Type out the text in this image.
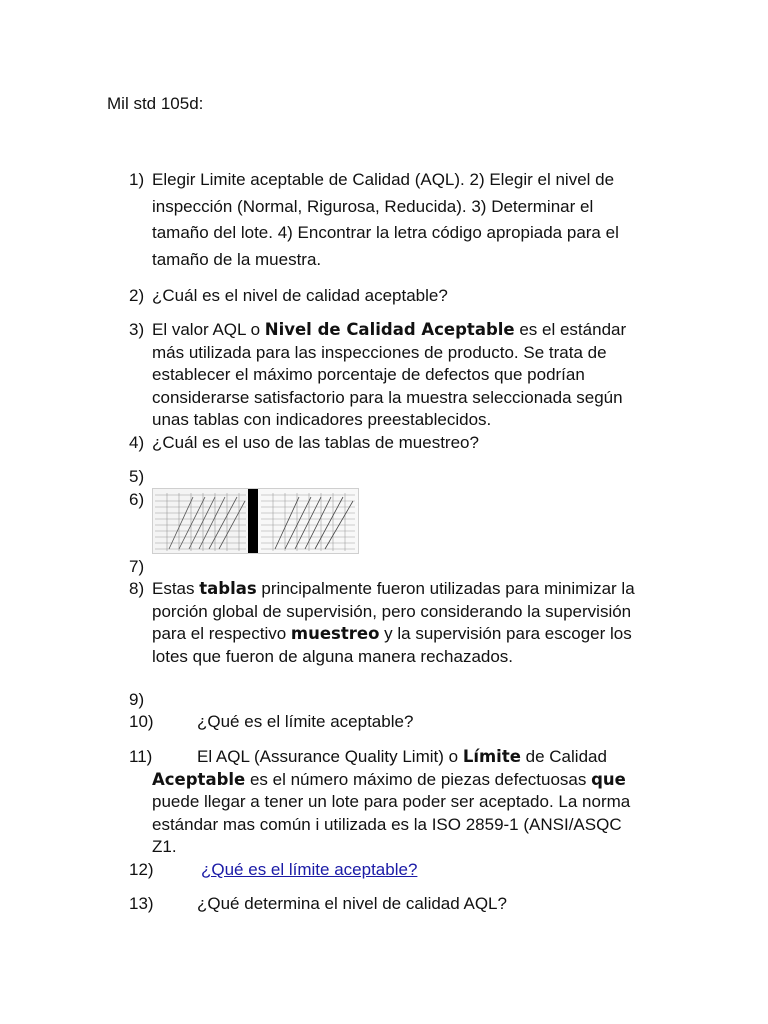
Mil std 105d:
1) Elegir Limite aceptable de Calidad (AQL). 2) Elegir el nivel de inspección (Normal, Rigurosa, Reducida). 3) Determinar el tamaño del lote. 4) Encontrar la letra código apropiada para el tamaño de la muestra.
2) ¿Cuál es el nivel de calidad aceptable?
3) El valor AQL o Nivel de Calidad Aceptable es el estándar más utilizada para las inspecciones de producto. Se trata de establecer el máximo porcentaje de defectos que podrían considerarse satisfactorio para la muestra seleccionada según unas tablas con indicadores preestablecidos.
4) ¿Cuál es el uso de las tablas de muestreo?
5)
6)
7)
8) Estas tablas principalmente fueron utilizadas para minimizar la porción global de supervisión, pero considerando la supervisión para el respectivo muestreo y la supervisión para escoger los lotes que fueron de alguna manera rechazados.
9)
10)	¿Qué es el límite aceptable?
11)	El AQL (Assurance Quality Limit) o Límite de Calidad Aceptable es el número máximo de piezas defectuosas que puede llegar a tener un lote para poder ser aceptado. La norma estándar mas común i utilizada es la ISO 2859-1 (ANSI/ASQC Z1.
12)	¿Qué es el límite aceptable?
13)	¿Qué determina el nivel de calidad AQL?
